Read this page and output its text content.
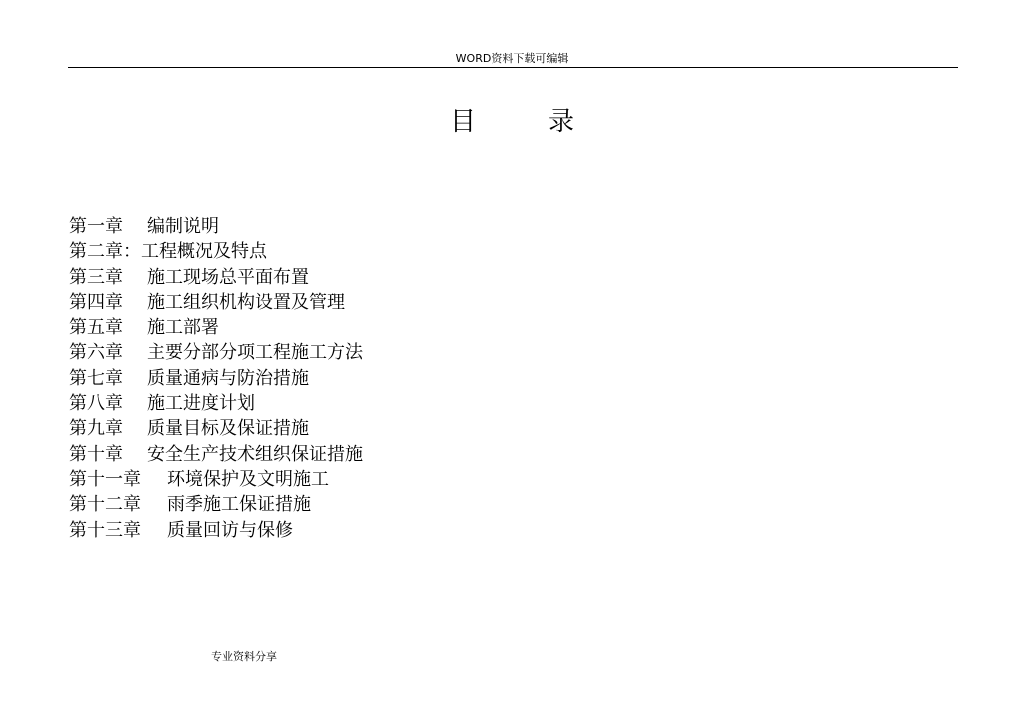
WORD资料下载可编辑
目	录
第一章 编制说明
第二章：工程概况及特点
第三章 施工现场总平面布置
第四章 施工组织机构设置及管理
第五章 施工部署
第六章 主要分部分项工程施工方法
第七章 质量通病与防治措施
第八章 施工进度计划
第九章 质量目标及保证措施
第十章 安全生产技术组织保证措施
第十一章 环境保护及文明施工
第十二章 雨季施工保证措施
第十三章 质量回访与保修
专业资料分享
